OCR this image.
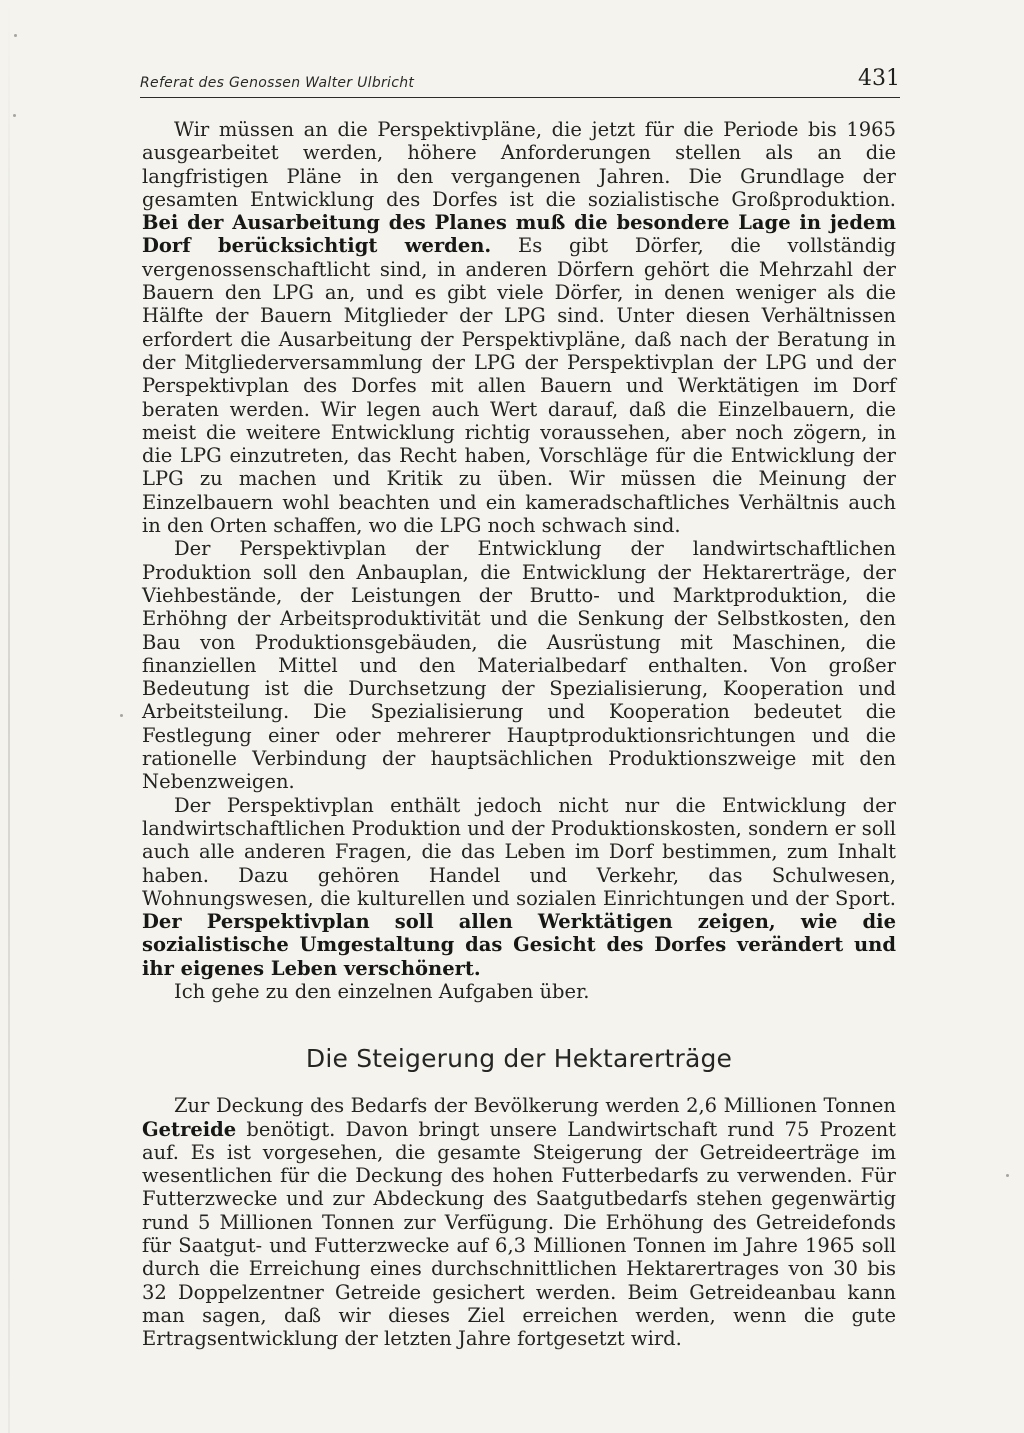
Referat des Genossen Walter Ulbricht	431

Wir müssen an die Perspektivpläne, die jetzt für die Periode bis 1965 ausgearbeitet werden, höhere Anforderungen stellen als an die langfristigen Pläne in den vergangenen Jahren. Die Grundlage der gesamten Entwicklung des Dorfes ist die sozialistische Großproduktion. Bei der Ausarbeitung des Planes muß die besondere Lage in jedem Dorf berücksichtigt werden. Es gibt Dörfer, die vollständig vergenossenschaftlicht sind, in anderen Dörfern gehört die Mehrzahl der Bauern den LPG an, und es gibt viele Dörfer, in denen weniger als die Hälfte der Bauern Mitglieder der LPG sind. Unter diesen Verhältnissen erfordert die Ausarbeitung der Perspektivpläne, daß nach der Beratung in der Mitgliederversammlung der LPG der Perspektivplan der LPG und der Perspektivplan des Dorfes mit allen Bauern und Werktätigen im Dorf beraten werden. Wir legen auch Wert darauf, daß die Einzelbauern, die meist die weitere Entwicklung richtig voraussehen, aber noch zögern, in die LPG einzutreten, das Recht haben, Vorschläge für die Entwicklung der LPG zu machen und Kritik zu üben. Wir müssen die Meinung der Einzelbauern wohl beachten und ein kameradschaftliches Verhältnis auch in den Orten schaffen, wo die LPG noch schwach sind.

Der Perspektivplan der Entwicklung der landwirtschaftlichen Produktion soll den Anbauplan, die Entwicklung der Hektarerträge, der Viehbestände, der Leistungen der Brutto- und Marktproduktion, die Erhöhng der Arbeitsproduktivität und die Senkung der Selbstkosten, den Bau von Produktionsgebäuden, die Ausrüstung mit Maschinen, die finanziellen Mittel und den Materialbedarf enthalten. Von großer Bedeutung ist die Durchsetzung der Spezialisierung, Kooperation und Arbeitsteilung. Die Spezialisierung und Kooperation bedeutet die Festlegung einer oder mehrerer Hauptproduktionsrichtungen und die rationelle Verbindung der hauptsächlichen Produktionszweige mit den Nebenzweigen.

Der Perspektivplan enthält jedoch nicht nur die Entwicklung der landwirtschaftlichen Produktion und der Produktionskosten, sondern er soll auch alle anderen Fragen, die das Leben im Dorf bestimmen, zum Inhalt haben. Dazu gehören Handel und Verkehr, das Schulwesen, Wohnungswesen, die kulturellen und sozialen Einrichtungen und der Sport. Der Perspektivplan soll allen Werktätigen zeigen, wie die sozialistische Umgestaltung das Gesicht des Dorfes verändert und ihr eigenes Leben verschönert.

Ich gehe zu den einzelnen Aufgaben über.

Die Steigerung der Hektarerträge

Zur Deckung des Bedarfs der Bevölkerung werden 2,6 Millionen Tonnen Getreide benötigt. Davon bringt unsere Landwirtschaft rund 75 Prozent auf. Es ist vorgesehen, die gesamte Steigerung der Getreideerträge im wesentlichen für die Deckung des hohen Futterbedarfs zu verwenden. Für Futterzwecke und zur Abdeckung des Saatgutbedarfs stehen gegenwärtig rund 5 Millionen Tonnen zur Verfügung. Die Erhöhung des Getreidefonds für Saatgut- und Futterzwecke auf 6,3 Millionen Tonnen im Jahre 1965 soll durch die Erreichung eines durchschnittlichen Hektarertrages von 30 bis 32 Doppelzentner Getreide gesichert werden. Beim Getreideanbau kann man sagen, daß wir dieses Ziel erreichen werden, wenn die gute Ertragsentwicklung der letzten Jahre fortgesetzt wird.
